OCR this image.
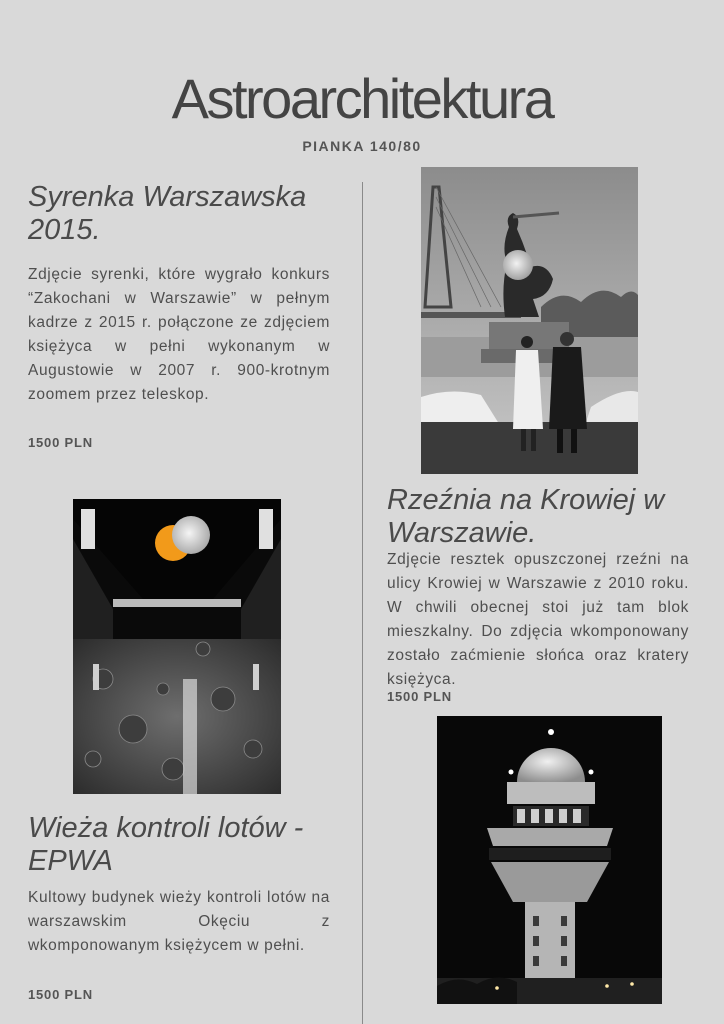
Astroarchitektura
PIANKA 140/80
Syrenka Warszawska 2015.
Zdjęcie syrenki, które wygrało konkurs “Zakochani w Warszawie” w pełnym kadrze z 2015 r. połączone ze zdjęciem księżyca w pełni wykonanym w Augustowie w 2007 r. 900-krotnym zoomem przez teleskop.
1500 PLN
Rzeźnia na Krowiej w Warszawie.
Zdjęcie resztek opuszczonej rzeźni na ulicy Krowiej w Warszawie z 2010 roku. W chwili obecnej stoi już tam blok mieszkalny. Do zdjęcia wkomponowany zostało zaćmienie słońca oraz kratery księżyca.
1500 PLN
Wieża kontroli lotów - EPWA
Kultowy budynek wieży kontroli lotów na warszawskim Okęciu z wkomponowanym księżycem w pełni.
1500 PLN
